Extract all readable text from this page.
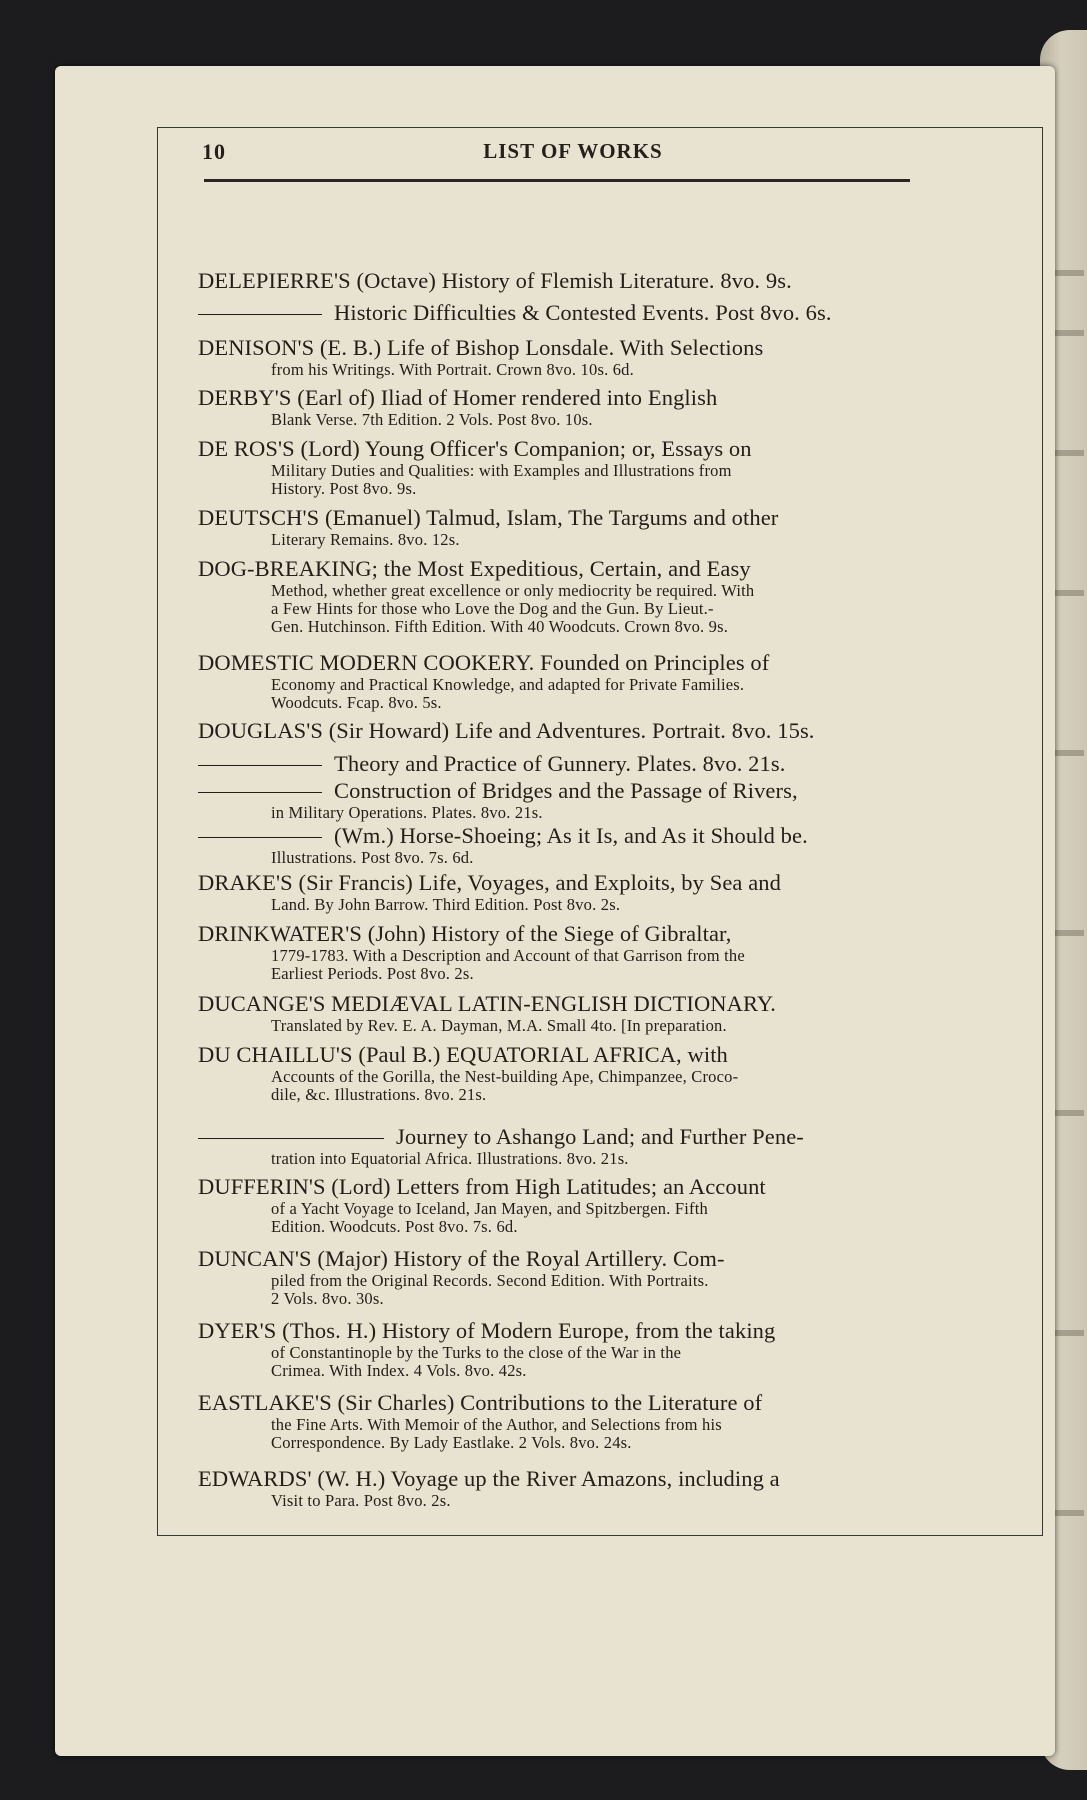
10	LIST OF WORKS
DELEPIERRE'S (Octave) History of Flemish Literature. 8vo. 9s.
Historic Difficulties & Contested Events. Post 8vo. 6s.
DENISON'S (E. B.) Life of Bishop Lonsdale. With Selections
from his Writings. With Portrait. Crown 8vo. 10s. 6d.
DERBY'S (Earl of) Iliad of Homer rendered into English
Blank Verse. 7th Edition. 2 Vols. Post 8vo. 10s.
DE ROS'S (Lord) Young Officer's Companion; or, Essays on
Military Duties and Qualities: with Examples and Illustrations from
History. Post 8vo. 9s.
DEUTSCH'S (Emanuel) Talmud, Islam, The Targums and other
Literary Remains. 8vo. 12s.
DOG-BREAKING; the Most Expeditious, Certain, and Easy
Method, whether great excellence or only mediocrity be required. With
a Few Hints for those who Love the Dog and the Gun. By Lieut.-
Gen. Hutchinson. Fifth Edition. With 40 Woodcuts. Crown 8vo. 9s.
DOMESTIC MODERN COOKERY. Founded on Principles of
Economy and Practical Knowledge, and adapted for Private Families.
Woodcuts. Fcap. 8vo. 5s.
DOUGLAS'S (Sir Howard) Life and Adventures. Portrait. 8vo. 15s.
Theory and Practice of Gunnery. Plates. 8vo. 21s.
Construction of Bridges and the Passage of Rivers,
in Military Operations. Plates. 8vo. 21s.
(Wm.) Horse-Shoeing; As it Is, and As it Should be.
Illustrations. Post 8vo. 7s. 6d.
DRAKE'S (Sir Francis) Life, Voyages, and Exploits, by Sea and
Land. By John Barrow. Third Edition. Post 8vo. 2s.
DRINKWATER'S (John) History of the Siege of Gibraltar,
1779-1783. With a Description and Account of that Garrison from the
Earliest Periods. Post 8vo. 2s.
DUCANGE'S MEDIÆVAL LATIN-ENGLISH DICTIONARY.
Translated by Rev. E. A. Dayman, M.A. Small 4to. [In preparation.
DU CHAILLU'S (Paul B.) EQUATORIAL AFRICA, with
Accounts of the Gorilla, the Nest-building Ape, Chimpanzee, Croco-
dile, &c. Illustrations. 8vo. 21s.
Journey to Ashango Land; and Further Pene-
tration into Equatorial Africa. Illustrations. 8vo. 21s.
DUFFERIN'S (Lord) Letters from High Latitudes; an Account
of a Yacht Voyage to Iceland, Jan Mayen, and Spitzbergen. Fifth
Edition. Woodcuts. Post 8vo. 7s. 6d.
DUNCAN'S (Major) History of the Royal Artillery. Com-
piled from the Original Records. Second Edition. With Portraits.
2 Vols. 8vo. 30s.
DYER'S (Thos. H.) History of Modern Europe, from the taking
of Constantinople by the Turks to the close of the War in the
Crimea. With Index. 4 Vols. 8vo. 42s.
EASTLAKE'S (Sir Charles) Contributions to the Literature of
the Fine Arts. With Memoir of the Author, and Selections from his
Correspondence. By Lady Eastlake. 2 Vols. 8vo. 24s.
EDWARDS' (W. H.) Voyage up the River Amazons, including a
Visit to Para. Post 8vo. 2s.
